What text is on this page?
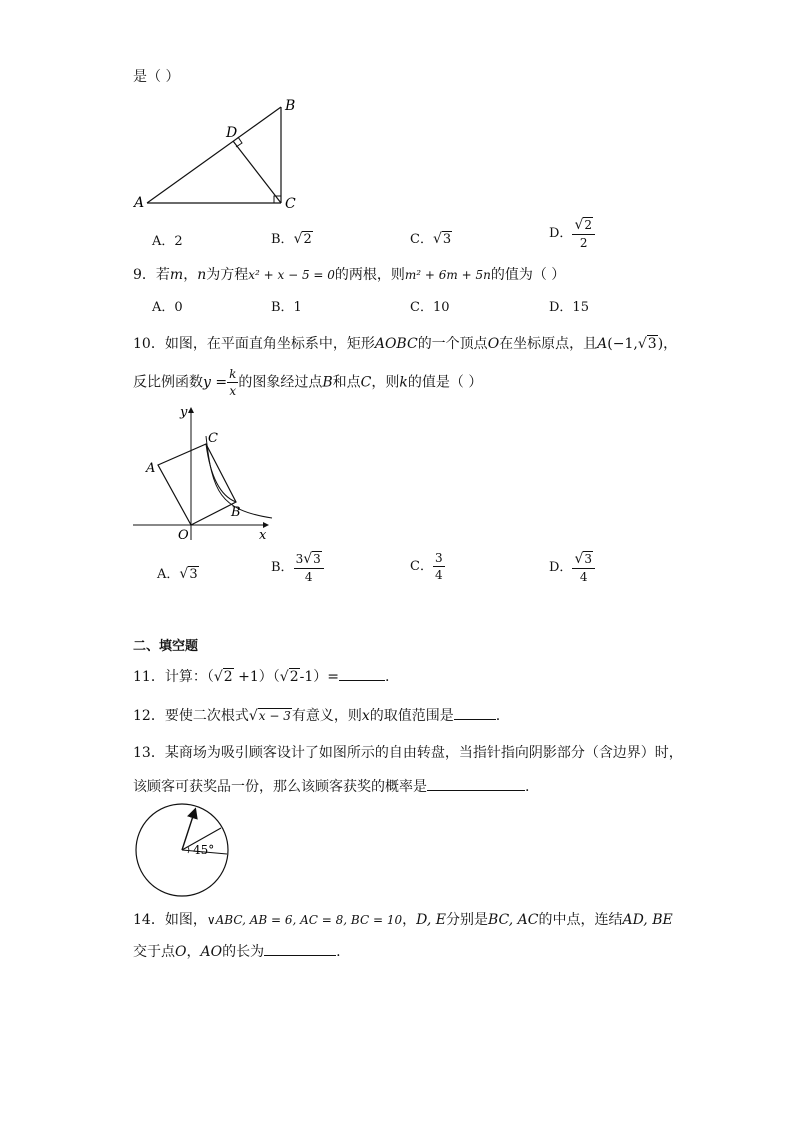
是（ ）
A
B
C
D
A．2	B．√2	C．√3	D． $\frac{√2}{2}$
9．若m，n为方程x² + x − 5 = 0的两根，则m² + 6m + 5n的值为（ ）
A．0	B．1	C．10	D．15
10．如图，在平面直角坐标系中，矩形AOBC的一个顶点O在坐标原点，且A(−1,√3)，
反比例函数$y = \frac{k}{x}$ 的图象经过点B和点C，则k的值是（ ）
y
x
O
A
C
B
A．√3	B． $\frac{3√3}{4}$	C． $\frac{3}{4}$	D． $\frac{√3}{4}$
二、填空题
11．计算：（√2 +1）（√2-1）=	.
12．要使二次根式√x − 3有意义，则x的取值范围是	.
13．某商场为吸引顾客设计了如图所示的自由转盘，当指针指向阴影部分（含边界）时，
该顾客可获奖品一份，那么该顾客获奖的概率是	.
45°
14．如图，∨ABC, AB = 6, AC = 8, BC = 10，D, E分别是BC, AC的中点，连结AD, BE
交于点O，AO的长为	.
